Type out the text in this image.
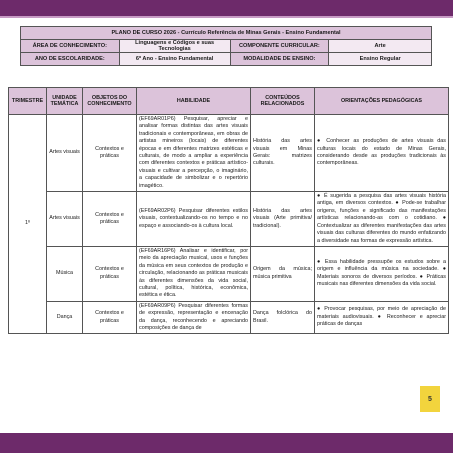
PLANO DE CURSO 2026 - Currículo Referência de Minas Gerais - Ensino Fundamental			
ÁREA DE CONHECIMENTO:	Linguagens e Códigos e suas Tecnologias	COMPONENTE CURRICULAR:	Arte
ANO DE ESCOLARIDADE:	6º Ano - Ensino Fundamental	MODALIDADE DE ENSINO:	Ensino Regular
TRIMESTRE	UNIDADE TEMÁTICA	OBJETOS DO CONHECIMENTO	HABILIDADE	CONTEÚDOS RELACIONADOS	ORIENTAÇÕES PEDAGÓGICAS
1º	Artes visuais	Contextos e práticas	(EF69AR01P6) Pesquisar, apreciar e analisar formas distintas das artes visuais tradicionais e contemporâneas, em obras de artistas mineiros (locais) de diferentes épocas e em diferentes matrizes estéticas e culturais, de modo a ampliar a experiência com diferentes contextos e práticas artístico-visuais e cultivar a percepção, o imaginário, a capacidade de simbolizar e o repertório imagético.	História das artes visuais em Minas Gerais: matrizes culturais.	● Conhecer as produções de artes visuais das culturas locais do estado de Minas Gerais, considerando desde as produções tradicionais às contemporâneas.
	Artes visuais	Contextos e práticas	(EF69AR02P6) Pesquisar diferentes estilos visuais, contextualizando-os no tempo e no espaço e associando-os à cultura local.	História das artes visuais (Arte primitiva/ tradicional).	● É sugerida a pesquisa das artes visuais história antiga, em diversos contextos. ● Pode-se trabalhar origens, funções e significado das manifestações artísticas relacionando-as com o cotidiano. ● Contextualizar as diferentes manifestações das artes visuais das culturas diferentes do mundo enfatizando a diversidade nas formas de expressão artística.
	Música	Contextos e práticas	(EF69AR16P6) Analisar e identificar, por meio da apreciação musical, usos e funções da música em seus contextos de produção e circulação, relacionando as práticas musicais às diferentes dimensões da vida social, cultural, política, histórica, econômica, estética e ética.	Origem da música; música primitiva	● Essa habilidade pressupõe os estudos sobre a origem e influência da música na sociedade. ● Materiais sonoros de diversos períodos. ● Práticas musicais nas diferentes dimensões da vida social.
	Dança	Contextos e práticas	(EF69AR09P6) Pesquisar diferentes formas de expressão, representação e encenação da dança, reconhecendo e apreciando composições de dança de	Dança folclórica do Brasil.	● Provocar pesquisas, por meio de apreciação de materiais audiovisuais. ● Reconhecer e apreciar práticas de danças
5
